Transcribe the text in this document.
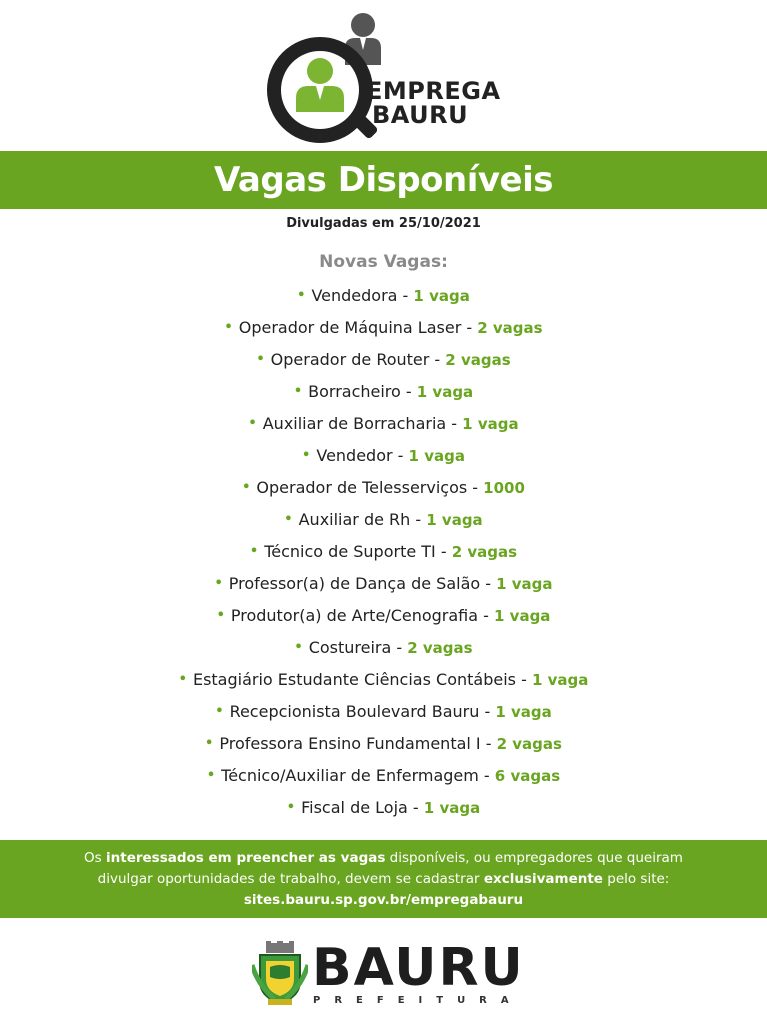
EMPREGA
BAURU
Vagas Disponíveis
Divulgadas em 25/10/2021
Novas Vagas:
• Vendedora - 1 vaga
• Operador de Máquina Laser - 2 vagas
• Operador de Router - 2 vagas
• Borracheiro - 1 vaga
• Auxiliar de Borracharia - 1 vaga
• Vendedor - 1 vaga
• Operador de Telesserviços - 1000
• Auxiliar de Rh - 1 vaga
• Técnico de Suporte TI - 2 vagas
• Professor(a) de Dança de Salão - 1 vaga
• Produtor(a) de Arte/Cenografia - 1 vaga
• Costureira - 2 vagas
• Estagiário Estudante Ciências Contábeis - 1 vaga
• Recepcionista Boulevard Bauru - 1 vaga
• Professora Ensino Fundamental I - 2 vagas
• Técnico/Auxiliar de Enfermagem - 6 vagas
• Fiscal de Loja - 1 vaga
Os interessados em preencher as vagas disponíveis, ou empregadores que queiram
divulgar oportunidades de trabalho, devem se cadastrar exclusivamente pelo site:
sites.bauru.sp.gov.br/empregabauru
BAURU
PREFEITURA
